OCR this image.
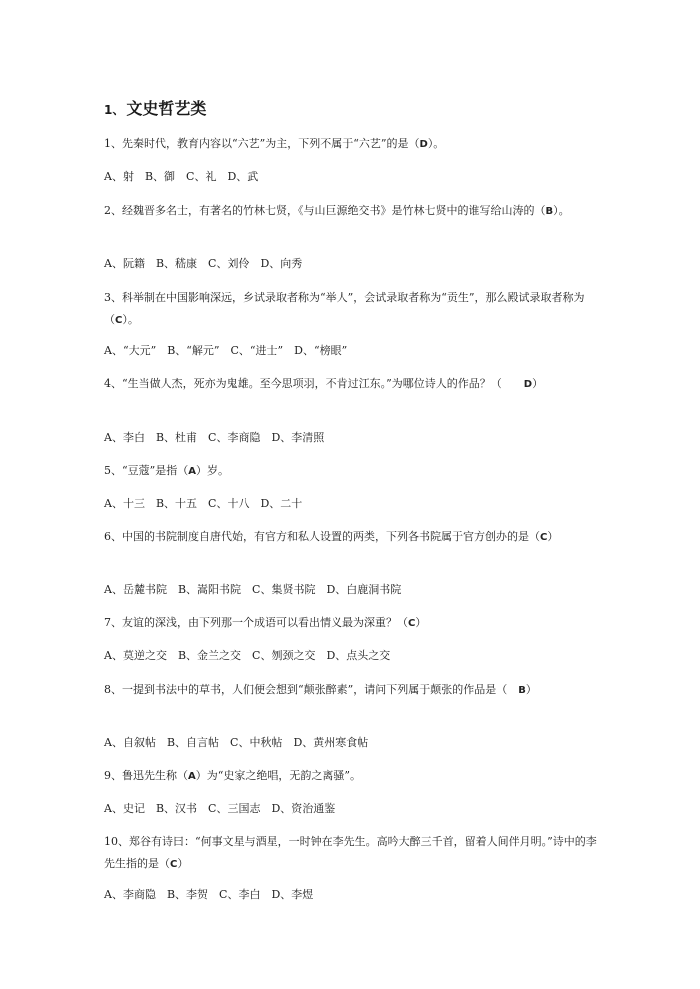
1、 文史哲艺类

1、先秦时代，教育内容以“六艺”为主，下列不属于“六艺”的是（D）。

A、射　B、御　C、礼　D、武

2、经魏晋多名士，有著名的竹林七贤，《与山巨源绝交书》是竹林七贤中的谁写给山涛的（B）。

A、阮籍　B、嵇康　C、刘伶　D、向秀

3、科举制在中国影响深远，乡试录取者称为“举人”，会试录取者称为“贡生”，那么殿试录取者称为（C）。

A、“大元”　B、“解元”　C、“进士”　D、“榜眼”

4、“生当做人杰，死亦为鬼雄。至今思项羽，不肯过江东。”为哪位诗人的作品？（　　D）

A、李白　B、杜甫　C、李商隐　D、李清照

5、“豆蔻”是指（A）岁。

A、十三　B、十五　C、十八　D、二十

6、中国的书院制度自唐代始，有官方和私人设置的两类，下列各书院属于官方创办的是（C）

A、岳麓书院　B、嵩阳书院　C、集贤书院　D、白鹿洞书院

7、友谊的深浅，由下列那一个成语可以看出情义最为深重？（C）

A、莫逆之交　B、金兰之交　C、刎颈之交　D、点头之交

8、一提到书法中的草书，人们便会想到“颠张醉素”，请问下列属于颠张的作品是（　B）

A、自叙帖　B、自言帖　C、中秋帖　D、黄州寒食帖

9、鲁迅先生称（A）为“史家之绝唱，无韵之离骚”。

A、史记　B、汉书　C、三国志　D、资治通鉴

10、郑谷有诗曰：“何事文星与酒星，一时钟在李先生。高吟大醉三千首，留着人间伴月明。”诗中的李先生指的是（C）

A、李商隐　B、李贺　C、李白　D、李煜
